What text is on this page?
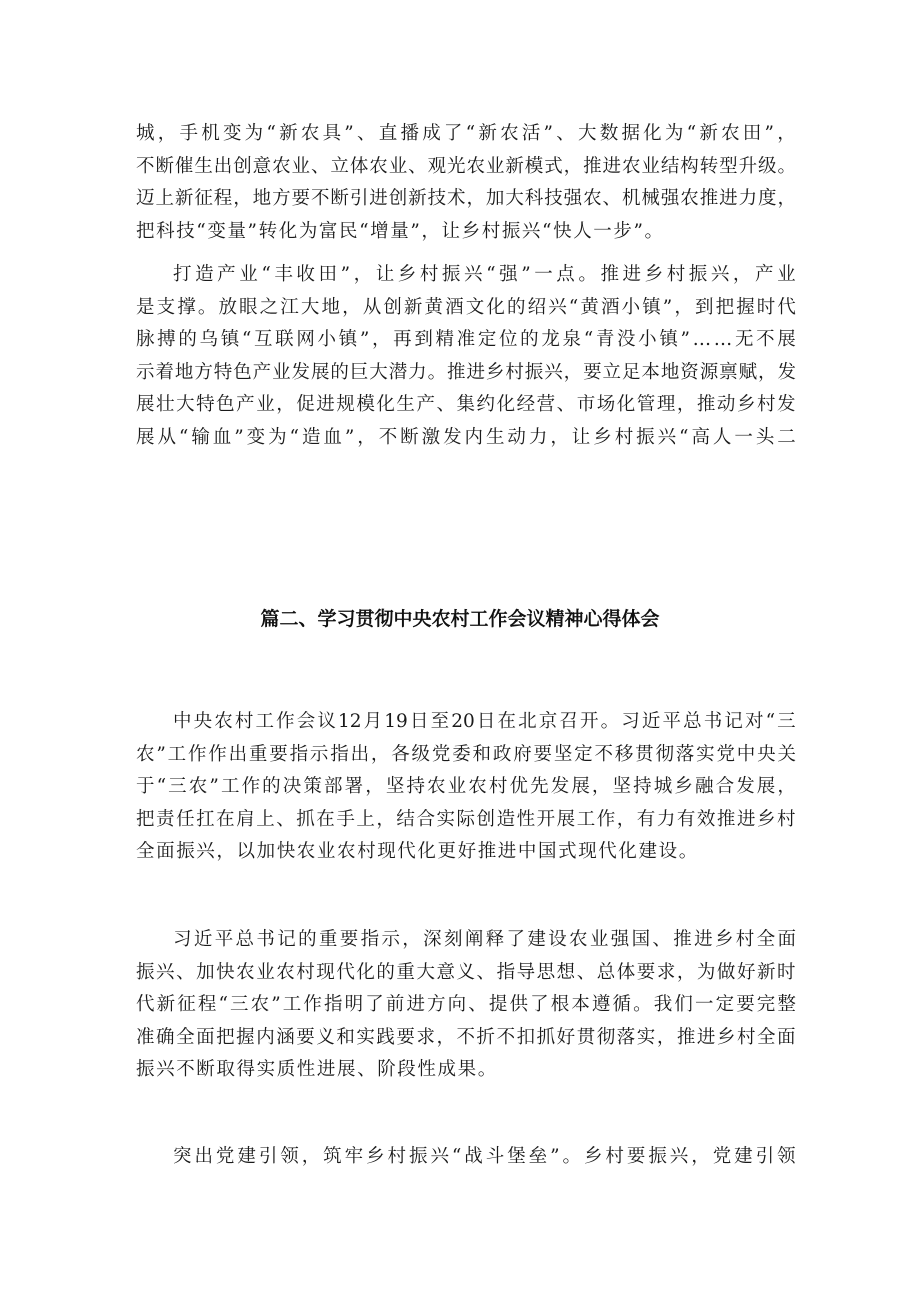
城 ， 手 机 变 为 “ 新 农 具 ” 、 直 播 成 了 “ 新 农 活 ” 、 大 数 据 化 为 “ 新 农 田 ” ，
不 断 催 生 出 创 意 农 业 、 立 体 农 业 、 观 光 农 业 新 模 式 ， 推 进 农 业 结 构 转 型 升 级 。
迈 上 新 征 程 ， 地 方 要 不 断 引 进 创 新 技 术 ， 加 大 科 技 强 农 、 机 械 强 农 推 进 力 度 ，
把科技“变量”转化为富民“增量”，让乡村振兴“快人一步”。
打 造 产 业 “ 丰 收 田 ” ， 让 乡 村 振 兴 “ 强 ” 一 点 。 推 进 乡 村 振 兴 ， 产 业
是 支 撑 。 放 眼 之 江 大 地 ， 从 创 新 黄 酒 文 化 的 绍 兴 “ 黄 酒 小 镇 ” ， 到 把 握 时 代
脉 搏 的 乌 镇 “ 互 联 网 小 镇 ” ， 再 到 精 准 定 位 的 龙 泉 “ 青 没 小 镇 ” … … 无 不 展
示 着 地 方 特 色 产 业 发 展 的 巨 大 潜 力 。 推 进 乡 村 振 兴 ， 要 立 足 本 地 资 源 禀 赋 ， 发
展 壮 大 特 色 产 业 ， 促 进 规 模 化 生 产 、 集 约 化 经 营 、 市 场 化 管 理 ， 推 动 乡 村 发
展 从 “ 输 血 ” 变 为 “ 造 血 ” ， 不 断 激 发 内 生 动 力 ， 让 乡 村 振 兴 “ 高 人 一 头 二
篇二、学习贯彻中央农村工作会议精神心得体会
中 央 农 村 工 作 会 议 12 月 19 日 至 20 日 在 北 京 召 开 。 习 近 平 总 书 记 对 “ 三
农 ” 工 作 作 出 重 要 指 示 指 出 ， 各 级 党 委 和 政 府 要 坚 定 不 移 贯 彻 落 实 党 中 央 关
于 “ 三 农 ” 工 作 的 决 策 部 署 ， 坚 持 农 业 农 村 优 先 发 展 ， 坚 持 城 乡 融 合 发 展 ，
把 责 任 扛 在 肩 上 、 抓 在 手 上 ， 结 合 实 际 创 造 性 开 展 工 作 ， 有 力 有 效 推 进 乡 村
全面振兴，以加快农业农村现代化更好推进中国式现代化建设。
习 近 平 总 书 记 的 重 要 指 示 ， 深 刻 阐 释 了 建 设 农 业 强 国 、 推 进 乡 村 全 面
振 兴 、 加 快 农 业 农 村 现 代 化 的 重 大 意 义 、 指 导 思 想 、 总 体 要 求 ， 为 做 好 新 时
代 新 征 程 “ 三 农 ” 工 作 指 明 了 前 进 方 向 、 提 供 了 根 本 遵 循 。 我 们 一 定 要 完 整
准 确 全 面 把 握 内 涵 要 义 和 实 践 要 求 ， 不 折 不 扣 抓 好 贯 彻 落 实 ， 推 进 乡 村 全 面
振兴不断取得实质性进展、阶段性成果。
突 出 党 建 引 领 ， 筑 牢 乡 村 振 兴 “ 战 斗 堡 垒 ” 。 乡 村 要 振 兴 ， 党 建 引 领
